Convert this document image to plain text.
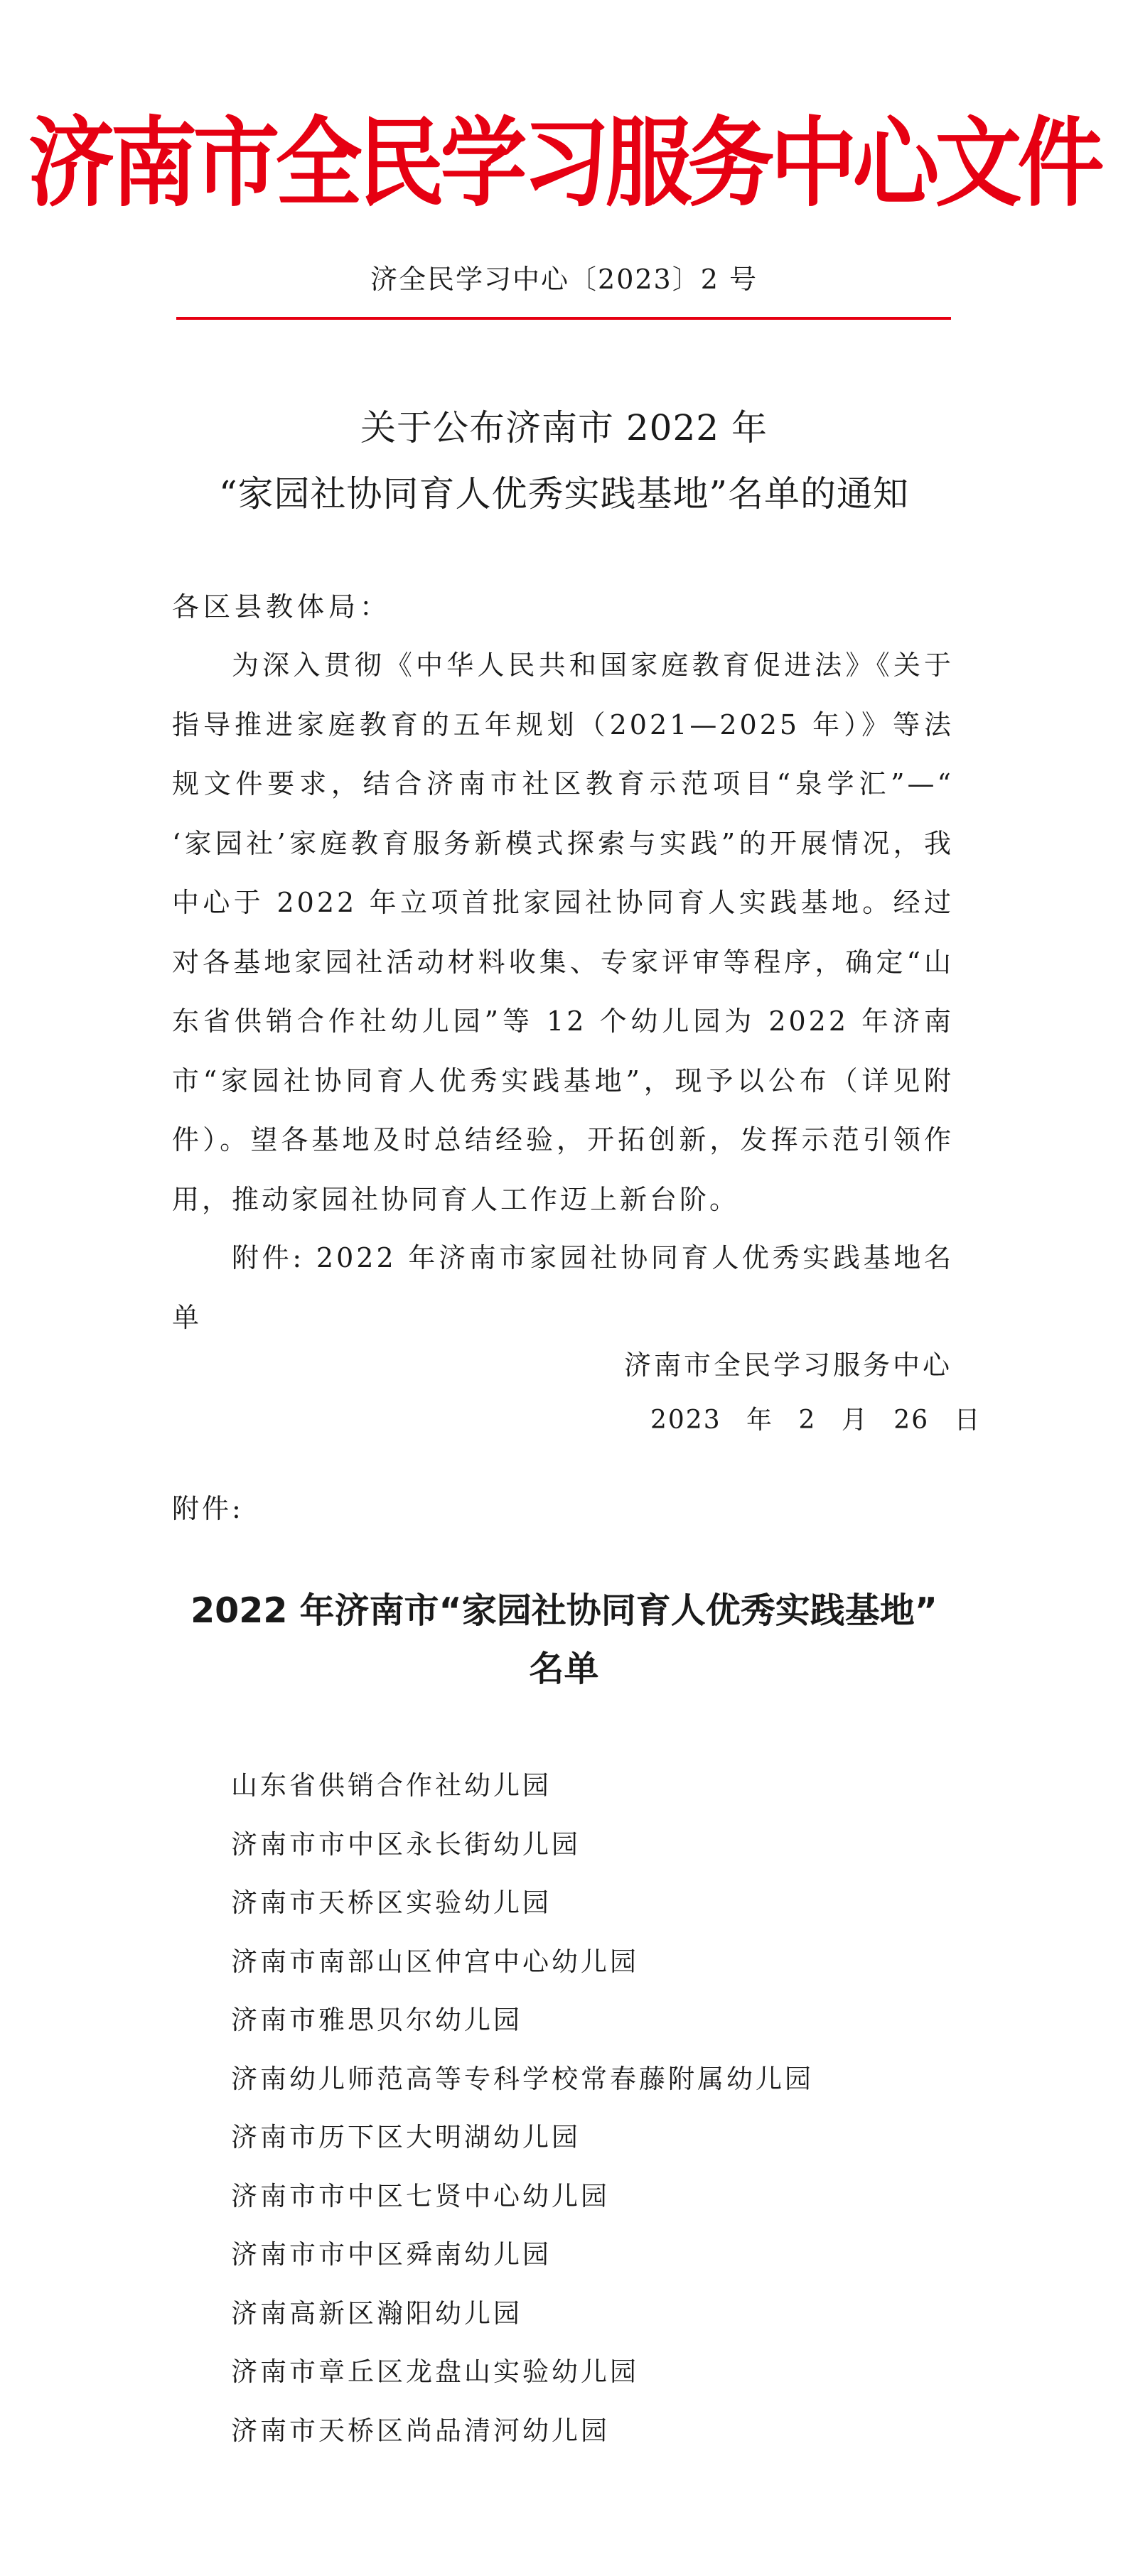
济南市全民学习服务中心文件
济全民学习中心〔2023〕2 号
关于公布济南市 2022 年
“家园社协同育人优秀实践基地”名单的通知
各区县教体局：
为深入贯彻《中华人民共和国家庭教育促进法》《关于指导推进家庭教育的五年规划（2021—2025 年）》等法规文件要求，结合济南市社区教育示范项目“泉学汇”—“ ‘家园社’家庭教育服务新模式探索与实践”的开展情况，我中心于 2022 年立项首批家园社协同育人实践基地。经过对各基地家园社活动材料收集、专家评审等程序，确定“山东省供销合作社幼儿园”等 12 个幼儿园为 2022 年济南市“家园社协同育人优秀实践基地”，现予以公布（详见附件）。望各基地及时总结经验，开拓创新，发挥示范引领作用，推动家园社协同育人工作迈上新台阶。
附件: 2022 年济南市家园社协同育人优秀实践基地名单
济南市全民学习服务中心
2023 年 2 月 26 日
附件:
2022 年济南市“家园社协同育人优秀实践基地”
名单
山东省供销合作社幼儿园
济南市市中区永长街幼儿园
济南市天桥区实验幼儿园
济南市南部山区仲宫中心幼儿园
济南市雅思贝尔幼儿园
济南幼儿师范高等专科学校常春藤附属幼儿园
济南市历下区大明湖幼儿园
济南市市中区七贤中心幼儿园
济南市市中区舜南幼儿园
济南高新区瀚阳幼儿园
济南市章丘区龙盘山实验幼儿园
济南市天桥区尚品清河幼儿园
